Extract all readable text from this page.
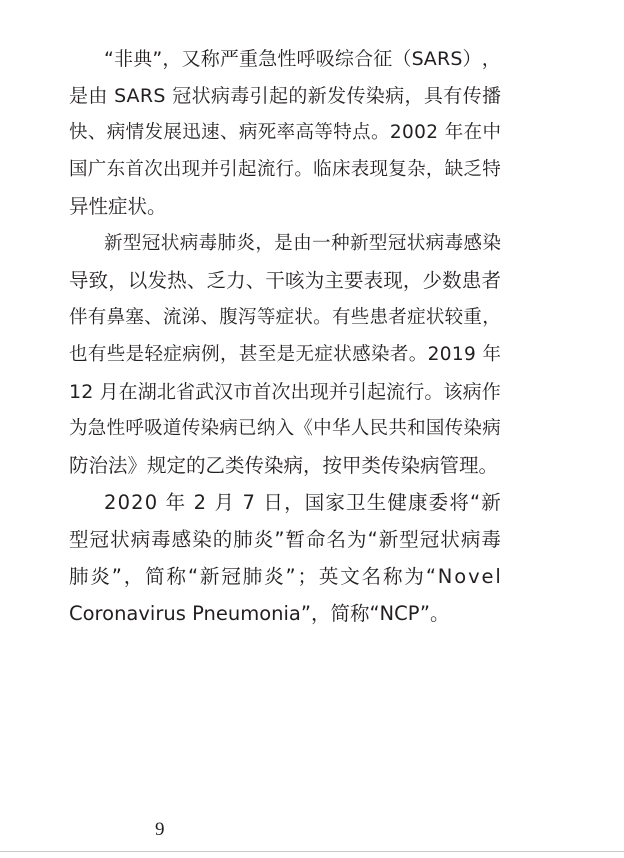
“ 非 典 ” ， 又 称 严 重 急 性 呼 吸 综 合 征 （ S A R S ） ，
是 由
S A R S
冠 状 病 毒 引 起 的 新 发 传 染 病 ， 具 有 传 播
快 、 病 情 发 展 迅 速 、 病 死 率 高 等 特 点 。 2 0 0 2
年 在 中
国 广 东 首 次 出 现 并 引 起 流 行 。 临 床 表 现 复 杂 ， 缺 乏 特
异性症状。
新 型 冠 状 病 毒 肺 炎 ， 是 由 一 种 新 型 冠 状 病 毒 感 染
导 致 ， 以 发 热 、 乏 力 、 干 咳 为 主 要 表 现 ， 少 数 患 者
伴 有 鼻 塞 、 流 涕 、 腹 泻 等 症 状 。 有 些 患 者 症 状 较 重 ，
也 有 些 是 轻 症 病 例 ， 甚 至 是 无 症 状 感 染 者 。 2 0 1 9
年
1 2
月 在 湖 北 省 武 汉 市 首 次 出 现 并 引 起 流 行 。 该 病 作
为 急 性 呼 吸 道 传 染 病 已 纳 入 《 中 华 人 民 共 和 国 传 染 病
防治法》规定的乙类传染病，按甲类传染病管理。
2 0 2 0
年
2
月
7
日 ， 国 家 卫 生 健 康 委 将 “ 新
型 冠 状 病 毒 感 染 的 肺 炎 ” 暂 命 名 为 “ 新 型 冠 状 病 毒
肺 炎 ” ， 简 称 “ 新 冠 肺 炎 ” ； 英 文 名 称 为 “ N o v e l
Coronavirus Pneumonia”，简称“NCP”。
9
